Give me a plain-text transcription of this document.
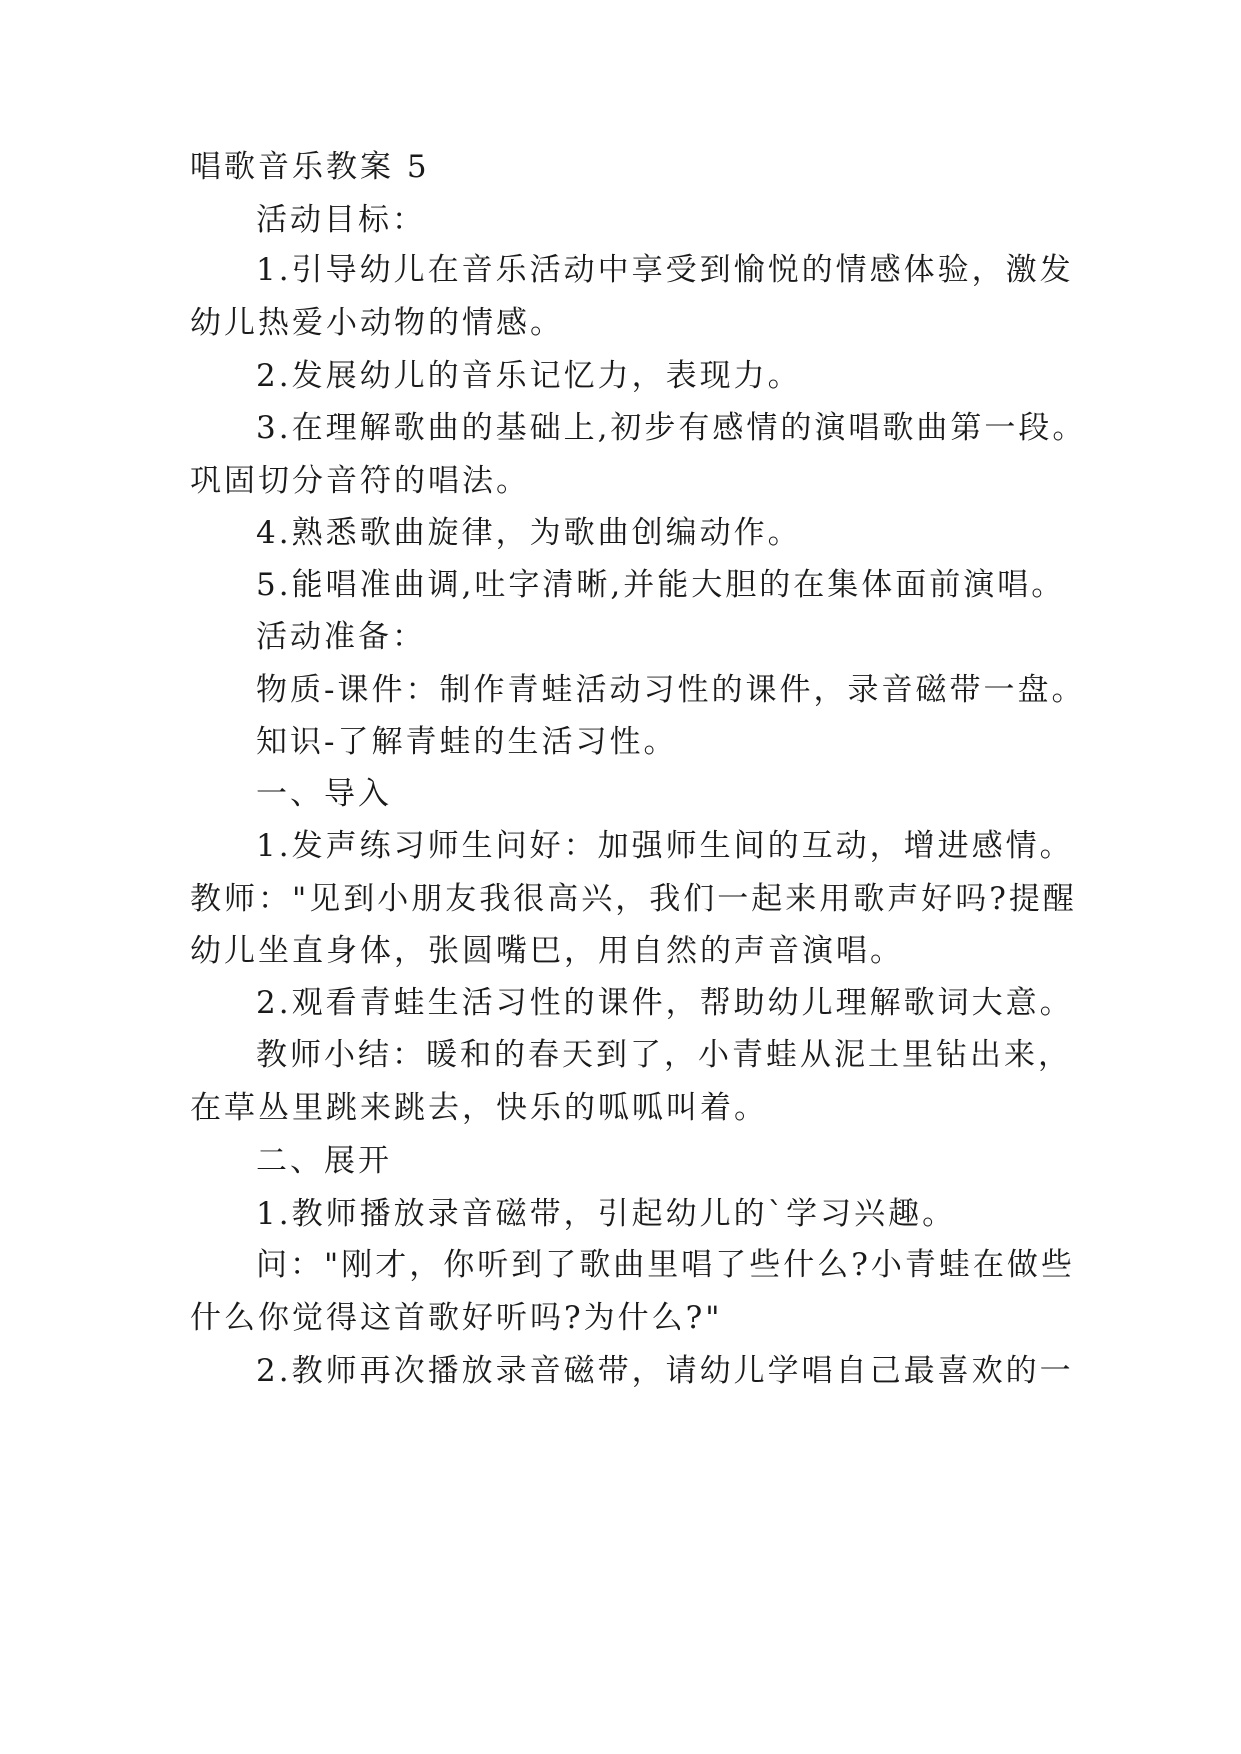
唱歌音乐教案 5
活动目标：
1.引导幼儿在音乐活动中享受到愉悦的情感体验，激发
幼儿热爱小动物的情感。
2.发展幼儿的音乐记忆力，表现力。
3.在理解歌曲的基础上,初步有感情的演唱歌曲第一段。
巩固切分音符的唱法。
4.熟悉歌曲旋律，为歌曲创编动作。
5.能唱准曲调,吐字清晰,并能大胆的在集体面前演唱。
活动准备：
物质-课件：制作青蛙活动习性的课件，录音磁带一盘。
知识-了解青蛙的生活习性。
一、导入
1.发声练习师生问好：加强师生间的互动，增进感情。
教师："见到小朋友我很高兴，我们一起来用歌声好吗?提醒
幼儿坐直身体，张圆嘴巴，用自然的声音演唱。
2.观看青蛙生活习性的课件，帮助幼儿理解歌词大意。
教师小结：暖和的春天到了，小青蛙从泥土里钻出来，
在草丛里跳来跳去，快乐的呱呱叫着。
二、展开
1.教师播放录音磁带，引起幼儿的`学习兴趣。
问："刚才，你听到了歌曲里唱了些什么?小青蛙在做些
什么你觉得这首歌好听吗?为什么?"
2.教师再次播放录音磁带，请幼儿学唱自己最喜欢的一
